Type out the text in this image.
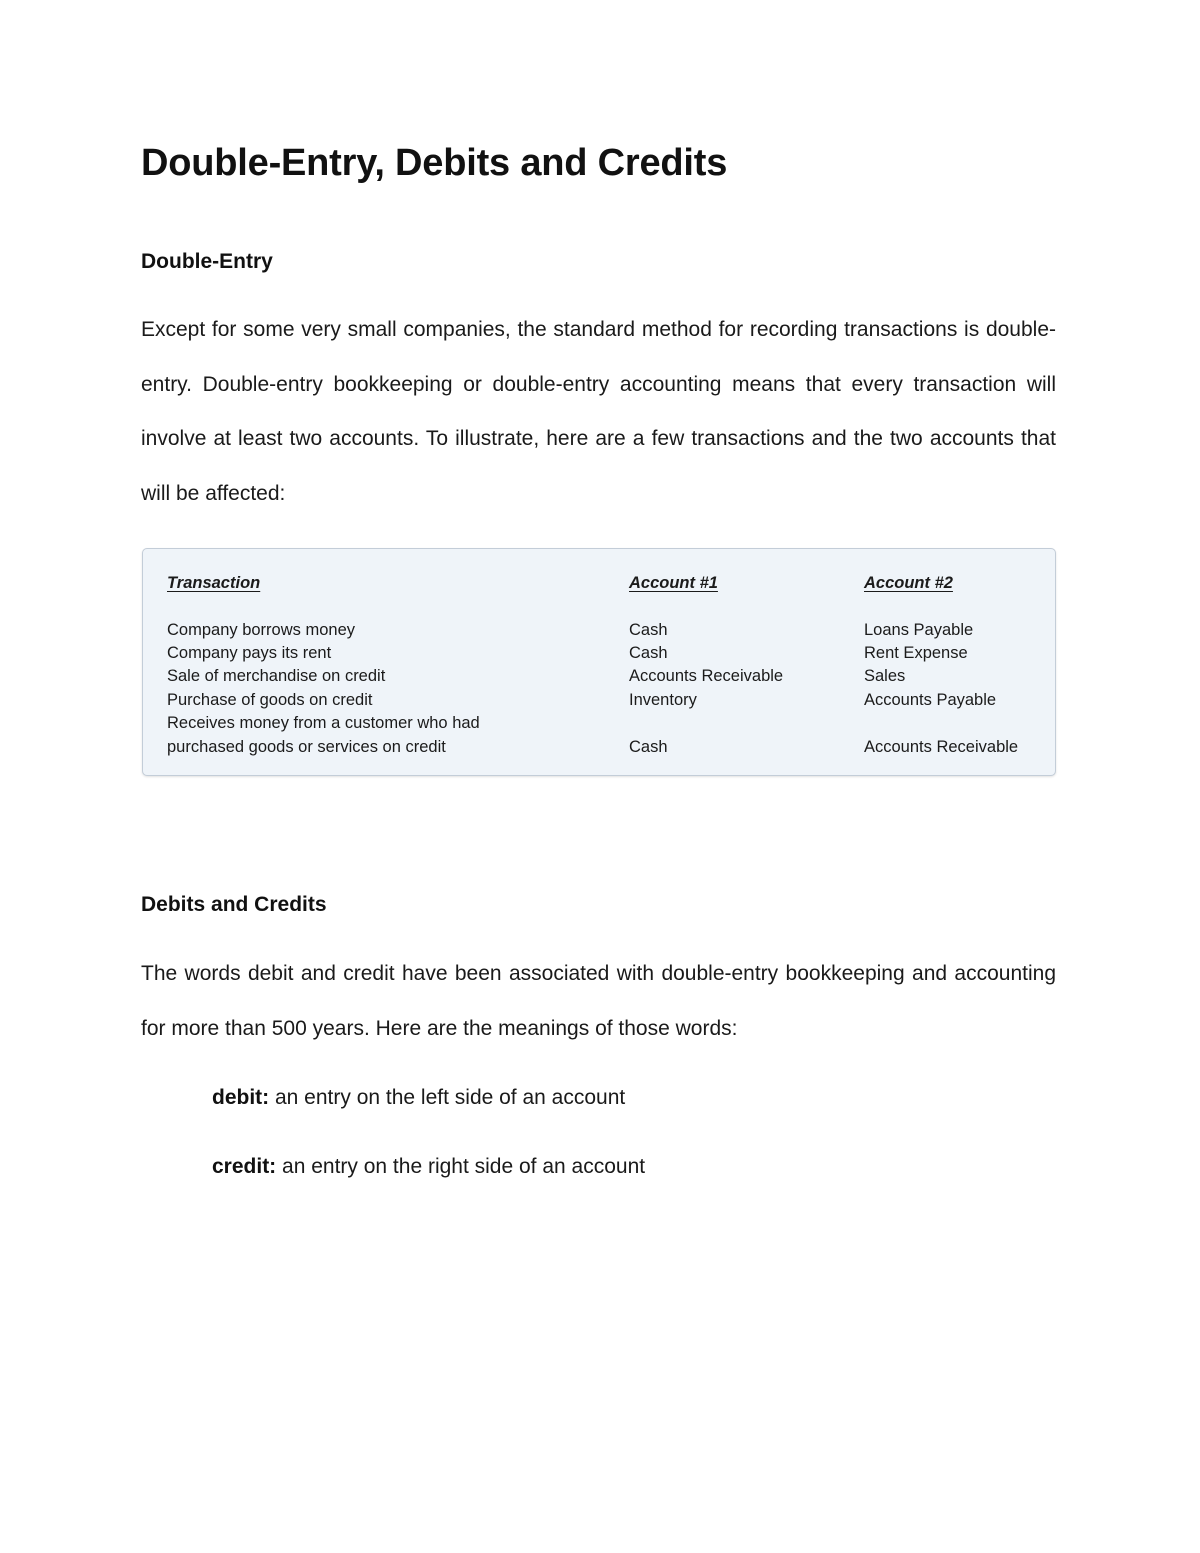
Double-Entry, Debits and Credits
Double-Entry

Except for some very small companies, the standard method for recording transactions is double-entry. Double-entry bookkeeping or double-entry accounting means that every transaction will involve at least two accounts. To illustrate, here are a few transactions and the two accounts that will be affected:

Transaction	Account #1	Account #2
Company borrows money	Cash	Loans Payable
Company pays its rent	Cash	Rent Expense
Sale of merchandise on credit	Accounts Receivable	Sales
Purchase of goods on credit	Inventory	Accounts Payable
Receives money from a customer who had
purchased goods or services on credit	Cash	Accounts Receivable
Debits and Credits

The words debit and credit have been associated with double-entry bookkeeping and accounting for more than 500 years. Here are the meanings of those words:

debit: an entry on the left side of an account

credit: an entry on the right side of an account
